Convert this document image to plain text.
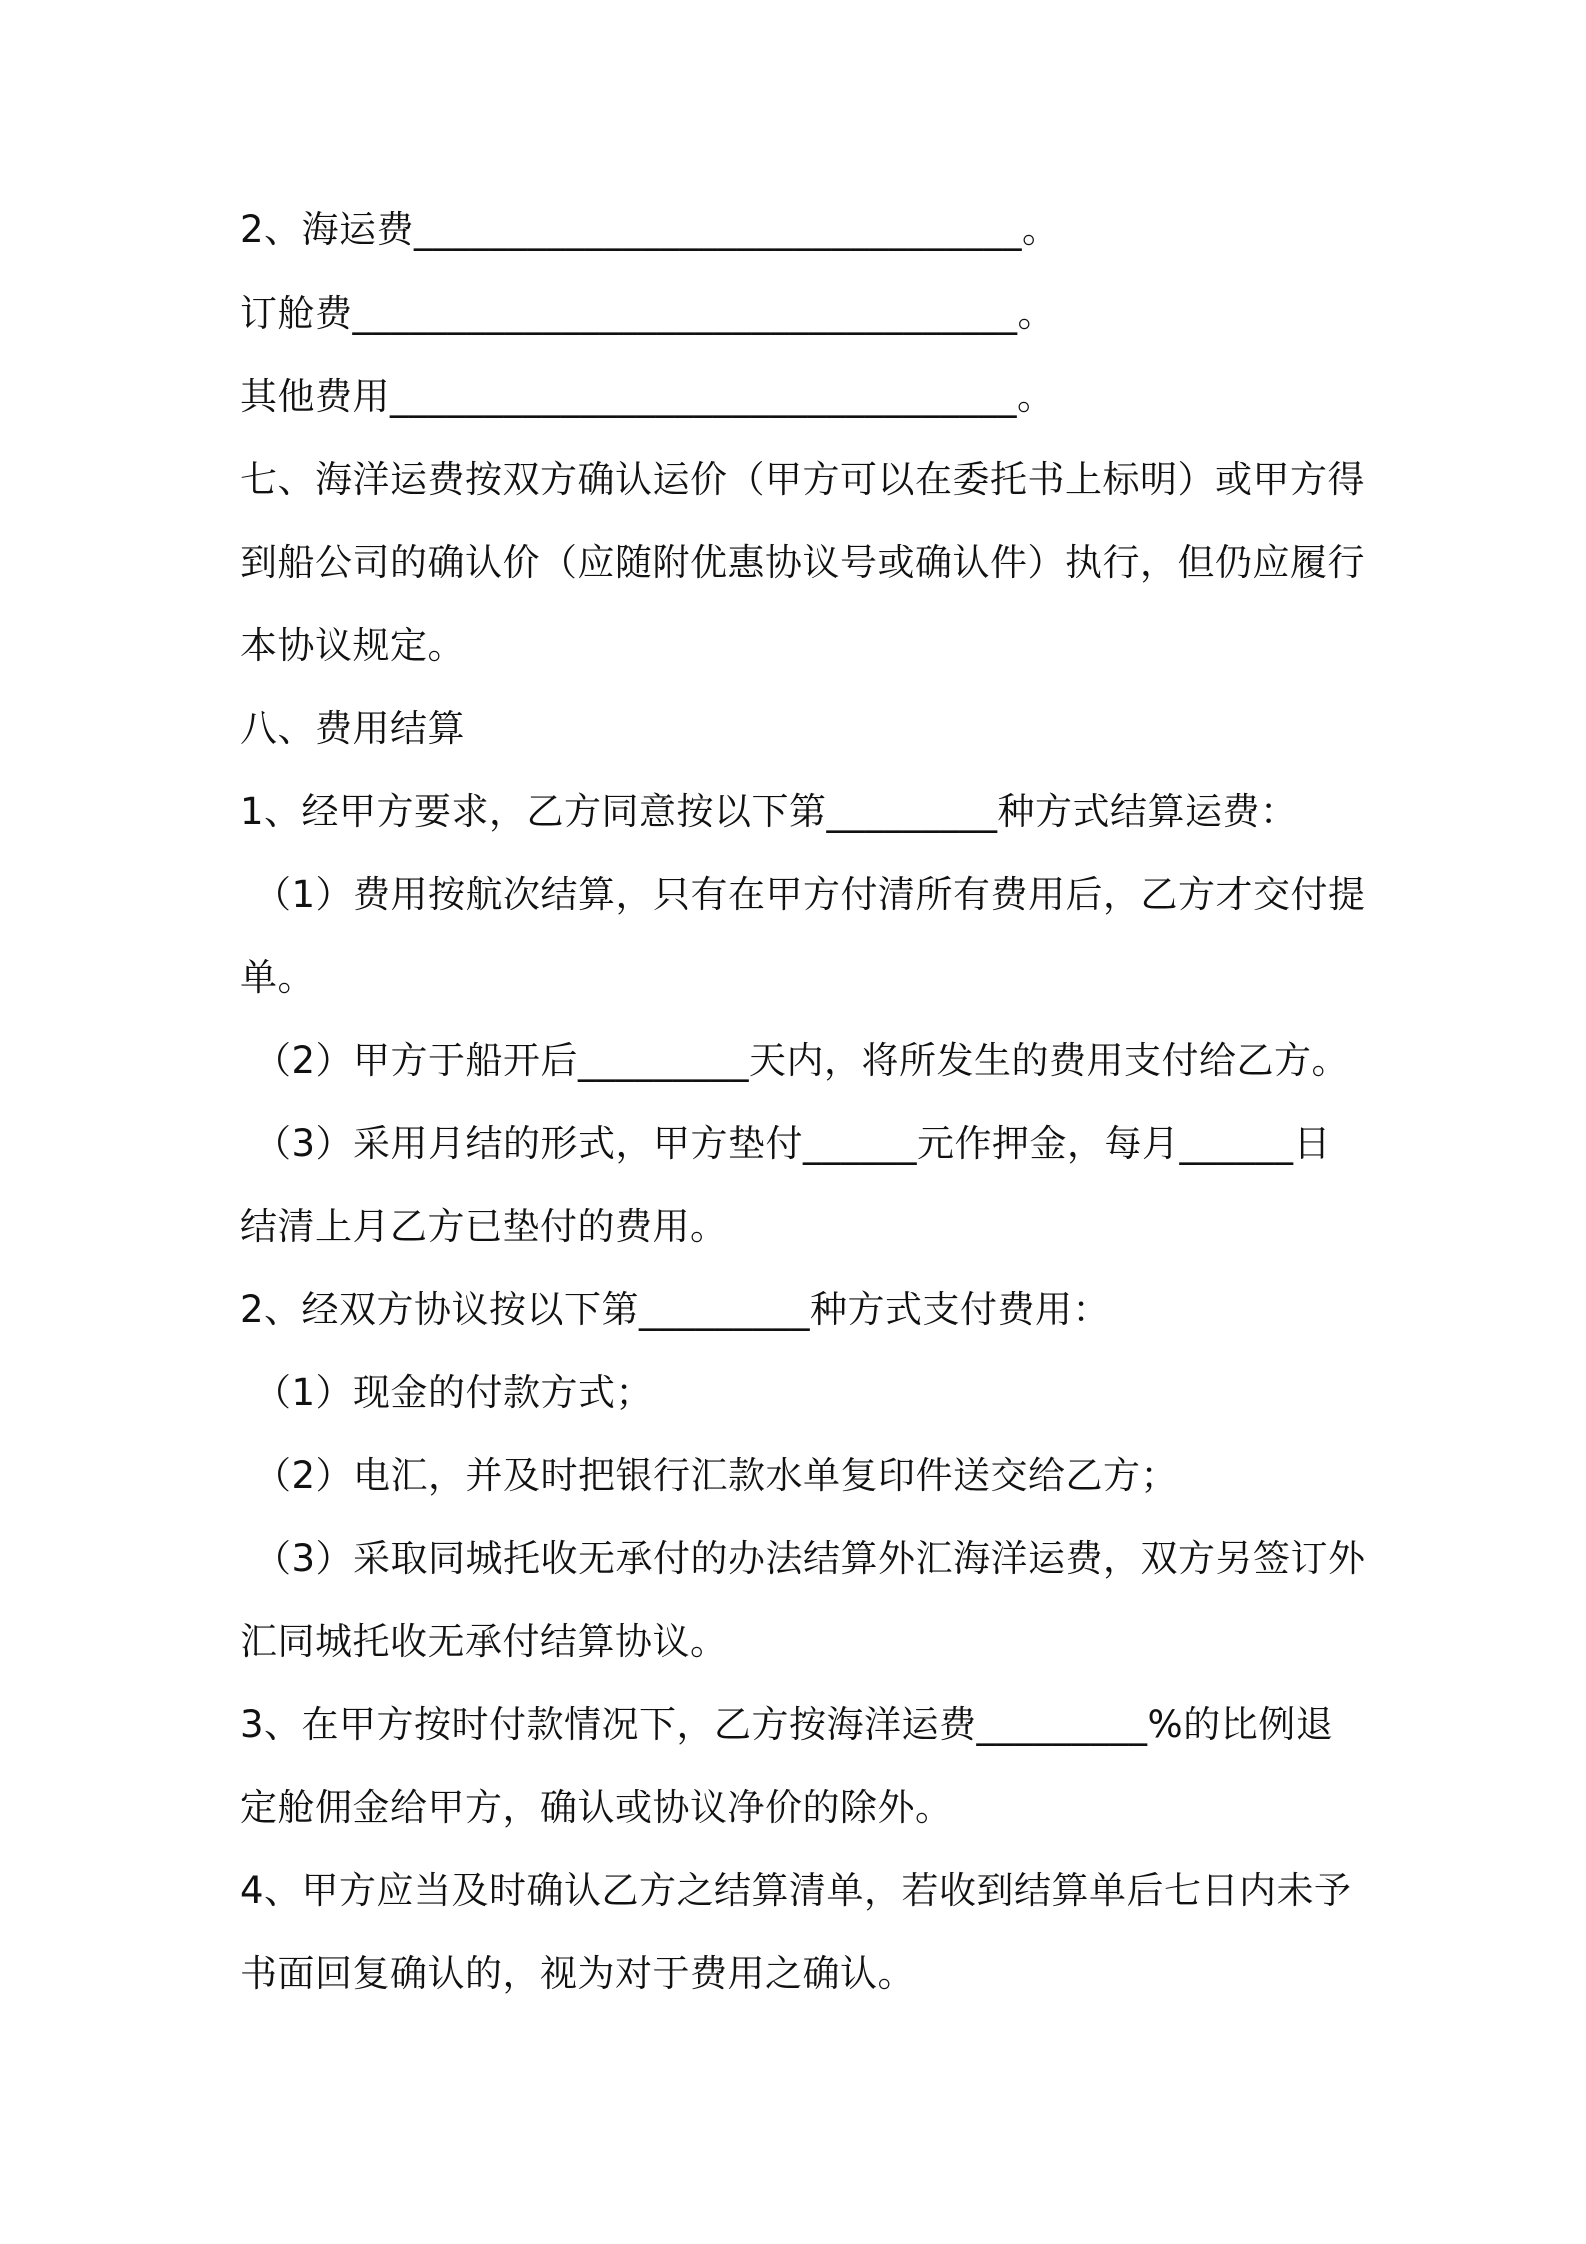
2、海运费________________________________。
订舱费___________________________________。
其他费用_________________________________。
七、海洋运费按双方确认运价（甲方可以在委托书上标明）或甲方得
到船公司的确认价（应随附优惠协议号或确认件）执行，但仍应履行
本协议规定。
八、费用结算
1、经甲方要求，乙方同意按以下第_________种方式结算运费：
（1）费用按航次结算，只有在甲方付清所有费用后，乙方才交付提
单。
（2）甲方于船开后_________天内，将所发生的费用支付给乙方。
（3）采用月结的形式，甲方垫付______元作押金，每月______日
结清上月乙方已垫付的费用。
2、经双方协议按以下第_________种方式支付费用：
（1）现金的付款方式；
（2）电汇，并及时把银行汇款水单复印件送交给乙方；
（3）采取同城托收无承付的办法结算外汇海洋运费，双方另签订外
汇同城托收无承付结算协议。
3、在甲方按时付款情况下，乙方按海洋运费_________%的比例退
定舱佣金给甲方，确认或协议净价的除外。
4、甲方应当及时确认乙方之结算清单，若收到结算单后七日内未予
书面回复确认的，视为对于费用之确认。
